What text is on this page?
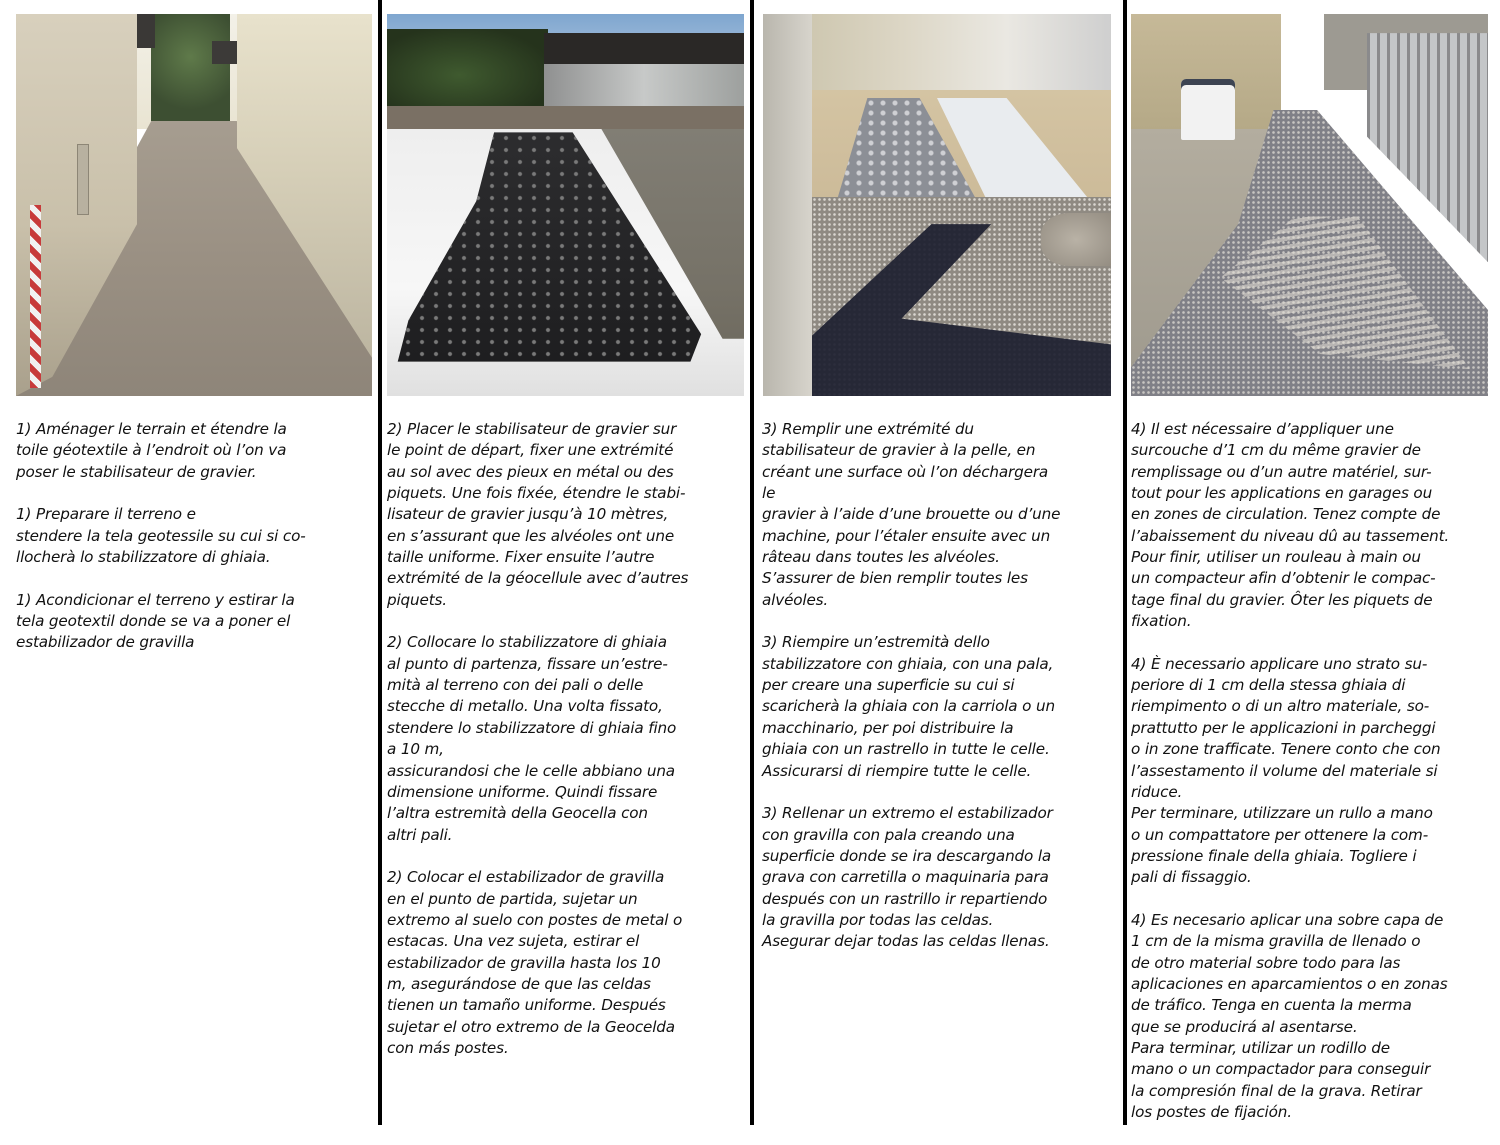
1) Aménager le terrain et étendre la
toile géotextile à l’endroit où l’on va
poser le stabilisateur de gravier.

1) Preparare il terreno e
stendere la tela geotessile su cui si co-
llocherà lo stabilizzatore di ghiaia.

1) Acondicionar el terreno y estirar la
tela geotextil donde se va a poner el
estabilizador de gravilla

2) Placer le stabilisateur de gravier sur
le point de départ, fixer une extrémité
au sol avec des pieux en métal ou des
piquets. Une fois fixée, étendre le stabi-
lisateur de gravier jusqu’à 10 mètres,
en s’assurant que les alvéoles ont une
taille uniforme. Fixer ensuite l’autre
extrémité de la géocellule avec d’autres
piquets.

2) Collocare lo stabilizzatore di ghiaia
al punto di partenza, fissare un’estre-
mità al terreno con dei pali o delle
stecche di metallo. Una volta fissato,
stendere lo stabilizzatore di ghiaia fino
a 10 m,
assicurandosi che le celle abbiano una
dimensione uniforme. Quindi fissare
l’altra estremità della Geocella con
altri pali.

2) Colocar el estabilizador de gravilla
en el punto de partida, sujetar un
extremo al suelo con postes de metal o
estacas. Una vez sujeta, estirar el
estabilizador de gravilla hasta los 10
m, asegurándose de que las celdas
tienen un tamaño uniforme. Después
sujetar el otro extremo de la Geocelda
con más postes.

3) Remplir une extrémité du
stabilisateur de gravier à la pelle, en
créant une surface où l’on déchargera
le
gravier à l’aide d’une brouette ou d’une
machine, pour l’étaler ensuite avec un
râteau dans toutes les alvéoles.
S’assurer de bien remplir toutes les
alvéoles.

3) Riempire un’estremità dello
stabilizzatore con ghiaia, con una pala,
per creare una superficie su cui si
scaricherà la ghiaia con la carriola o un
macchinario, per poi distribuire la
ghiaia con un rastrello in tutte le celle.
Assicurarsi di riempire tutte le celle.

3) Rellenar un extremo el estabilizador
con gravilla con pala creando una
superficie donde se ira descargando la
grava con carretilla o maquinaria para
después con un rastrillo ir repartiendo
la gravilla por todas las celdas.
Asegurar dejar todas las celdas llenas.

4) Il est nécessaire d’appliquer une
surcouche d’1 cm du même gravier de
remplissage ou d’un autre matériel, sur-
tout pour les applications en garages ou
en zones de circulation. Tenez compte de
l’abaissement du niveau dû au tassement.
Pour finir, utiliser un rouleau à main ou
un compacteur afin d’obtenir le compac-
tage final du gravier. Ôter les piquets de
fixation.

4) È necessario applicare uno strato su-
periore di 1 cm della stessa ghiaia di
riempimento o di un altro materiale, so-
prattutto per le applicazioni in parcheggi
o in zone trafficate. Tenere conto che con
l’assestamento il volume del materiale si
riduce.
Per terminare, utilizzare un rullo a mano
o un compattatore per ottenere la com-
pressione finale della ghiaia. Togliere i
pali di fissaggio.

4) Es necesario aplicar una sobre capa de
1 cm de la misma gravilla de llenado o
de otro material sobre todo para las
aplicaciones en aparcamientos o en zonas
de tráfico. Tenga en cuenta la merma
que se producirá al asentarse.
Para terminar, utilizar un rodillo de
mano o un compactador para conseguir
la compresión final de la grava. Retirar
los postes de fijación.
